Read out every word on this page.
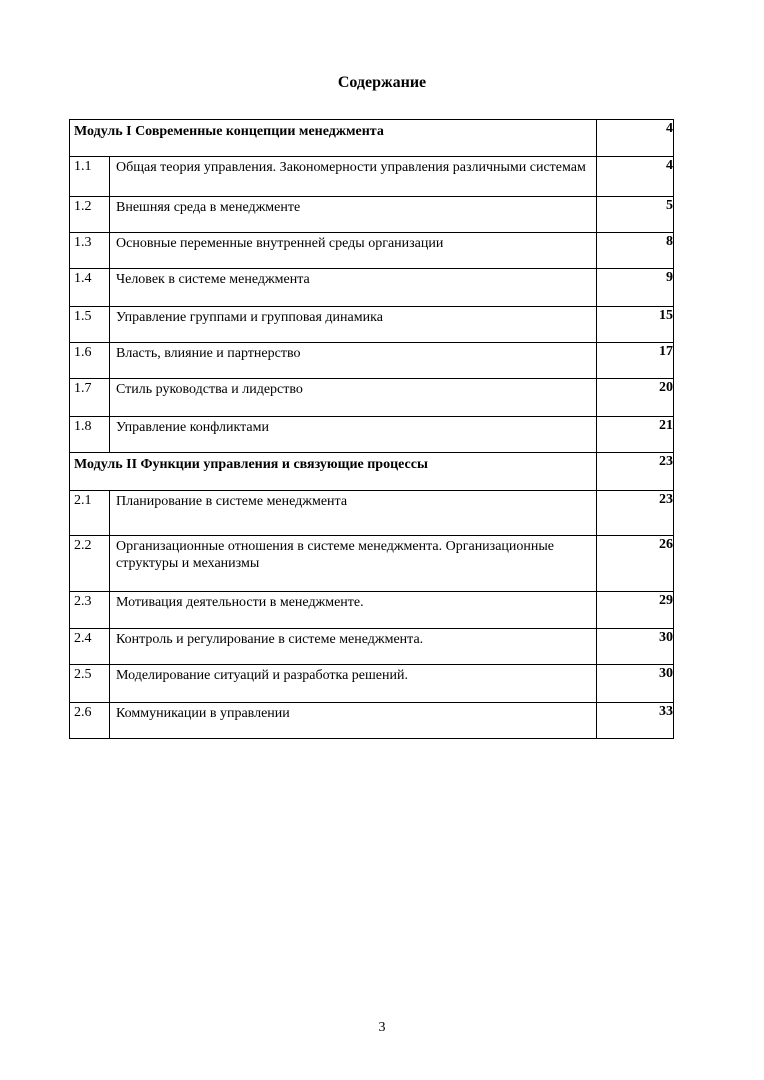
Содержание
Модуль I Современные концепции менеджмента		4

1.1	Общая теория управления. Закономерности управления различными системам	4

1.2	Внешняя среда в менеджменте	5

1.3	Основные переменные внутренней среды организации	8

1.4	Человек в системе менеджмента	9

1.5	Управление группами и групповая динамика	15

1.6	Власть, влияние и партнерство	17

1.7	Стиль руководства и лидерство	20

1.8	Управление конфликтами	21

Модуль II Функции управления и связующие процессы		23

2.1	Планирование в системе менеджмента	23

2.2	Организационные отношения в системе менеджмента. Организационные структуры и механизмы	26

2.3	Мотивация деятельности в менеджменте.	29

2.4	Контроль и регулирование в системе менеджмента.	30

2.5	Моделирование ситуаций и разработка решений.	30

2.6	Коммуникации в управлении	33
3
